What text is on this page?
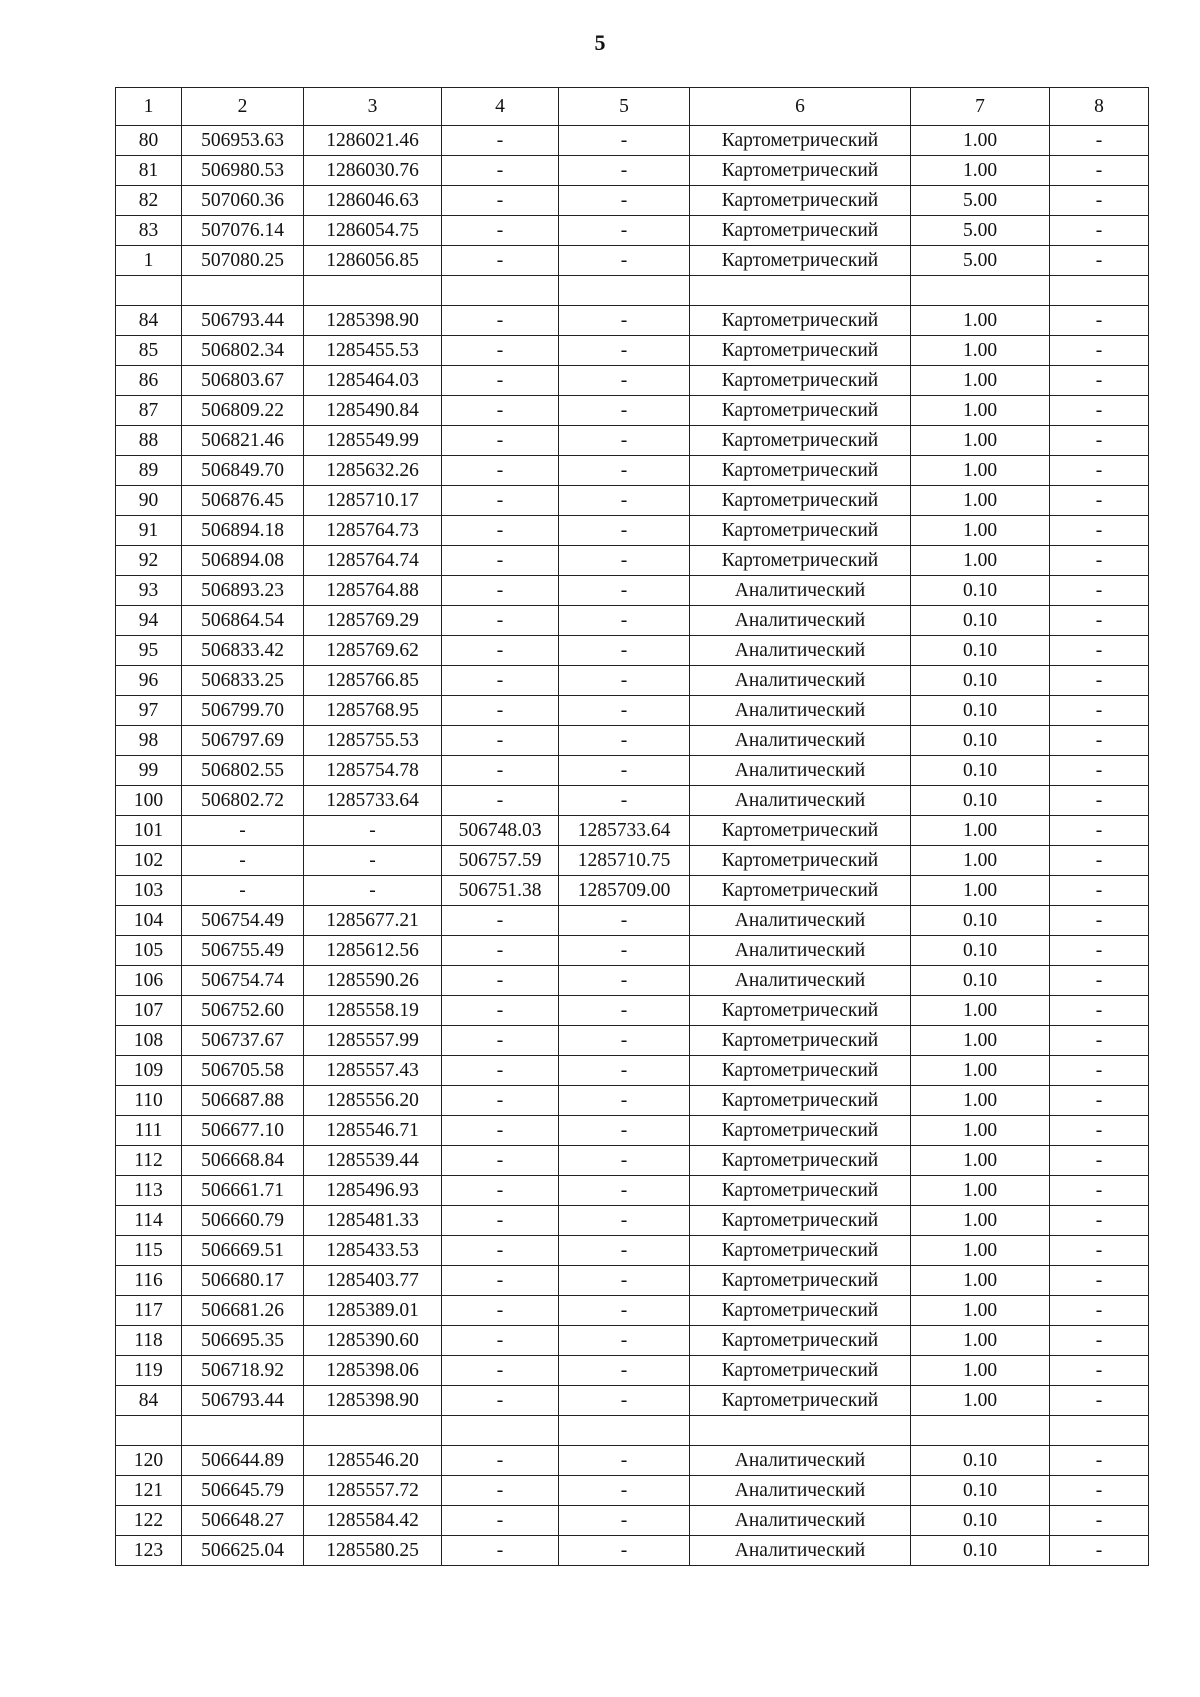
5
1	2	3	4	5	6	7	8
80	506953.63	1286021.46	-	-	Картометрический	1.00	-
81	506980.53	1286030.76	-	-	Картометрический	1.00	-
82	507060.36	1286046.63	-	-	Картометрический	5.00	-
83	507076.14	1286054.75	-	-	Картометрический	5.00	-
1	507080.25	1286056.85	-	-	Картометрический	5.00	-

84	506793.44	1285398.90	-	-	Картометрический	1.00	-
85	506802.34	1285455.53	-	-	Картометрический	1.00	-
86	506803.67	1285464.03	-	-	Картометрический	1.00	-
87	506809.22	1285490.84	-	-	Картометрический	1.00	-
88	506821.46	1285549.99	-	-	Картометрический	1.00	-
89	506849.70	1285632.26	-	-	Картометрический	1.00	-
90	506876.45	1285710.17	-	-	Картометрический	1.00	-
91	506894.18	1285764.73	-	-	Картометрический	1.00	-
92	506894.08	1285764.74	-	-	Картометрический	1.00	-
93	506893.23	1285764.88	-	-	Аналитический	0.10	-
94	506864.54	1285769.29	-	-	Аналитический	0.10	-
95	506833.42	1285769.62	-	-	Аналитический	0.10	-
96	506833.25	1285766.85	-	-	Аналитический	0.10	-
97	506799.70	1285768.95	-	-	Аналитический	0.10	-
98	506797.69	1285755.53	-	-	Аналитический	0.10	-
99	506802.55	1285754.78	-	-	Аналитический	0.10	-
100	506802.72	1285733.64	-	-	Аналитический	0.10	-
101	-	-	506748.03	1285733.64	Картометрический	1.00	-
102	-	-	506757.59	1285710.75	Картометрический	1.00	-
103	-	-	506751.38	1285709.00	Картометрический	1.00	-
104	506754.49	1285677.21	-	-	Аналитический	0.10	-
105	506755.49	1285612.56	-	-	Аналитический	0.10	-
106	506754.74	1285590.26	-	-	Аналитический	0.10	-
107	506752.60	1285558.19	-	-	Картометрический	1.00	-
108	506737.67	1285557.99	-	-	Картометрический	1.00	-
109	506705.58	1285557.43	-	-	Картометрический	1.00	-
110	506687.88	1285556.20	-	-	Картометрический	1.00	-
111	506677.10	1285546.71	-	-	Картометрический	1.00	-
112	506668.84	1285539.44	-	-	Картометрический	1.00	-
113	506661.71	1285496.93	-	-	Картометрический	1.00	-
114	506660.79	1285481.33	-	-	Картометрический	1.00	-
115	506669.51	1285433.53	-	-	Картометрический	1.00	-
116	506680.17	1285403.77	-	-	Картометрический	1.00	-
117	506681.26	1285389.01	-	-	Картометрический	1.00	-
118	506695.35	1285390.60	-	-	Картометрический	1.00	-
119	506718.92	1285398.06	-	-	Картометрический	1.00	-
84	506793.44	1285398.90	-	-	Картометрический	1.00	-

120	506644.89	1285546.20	-	-	Аналитический	0.10	-
121	506645.79	1285557.72	-	-	Аналитический	0.10	-
122	506648.27	1285584.42	-	-	Аналитический	0.10	-
123	506625.04	1285580.25	-	-	Аналитический	0.10	-
